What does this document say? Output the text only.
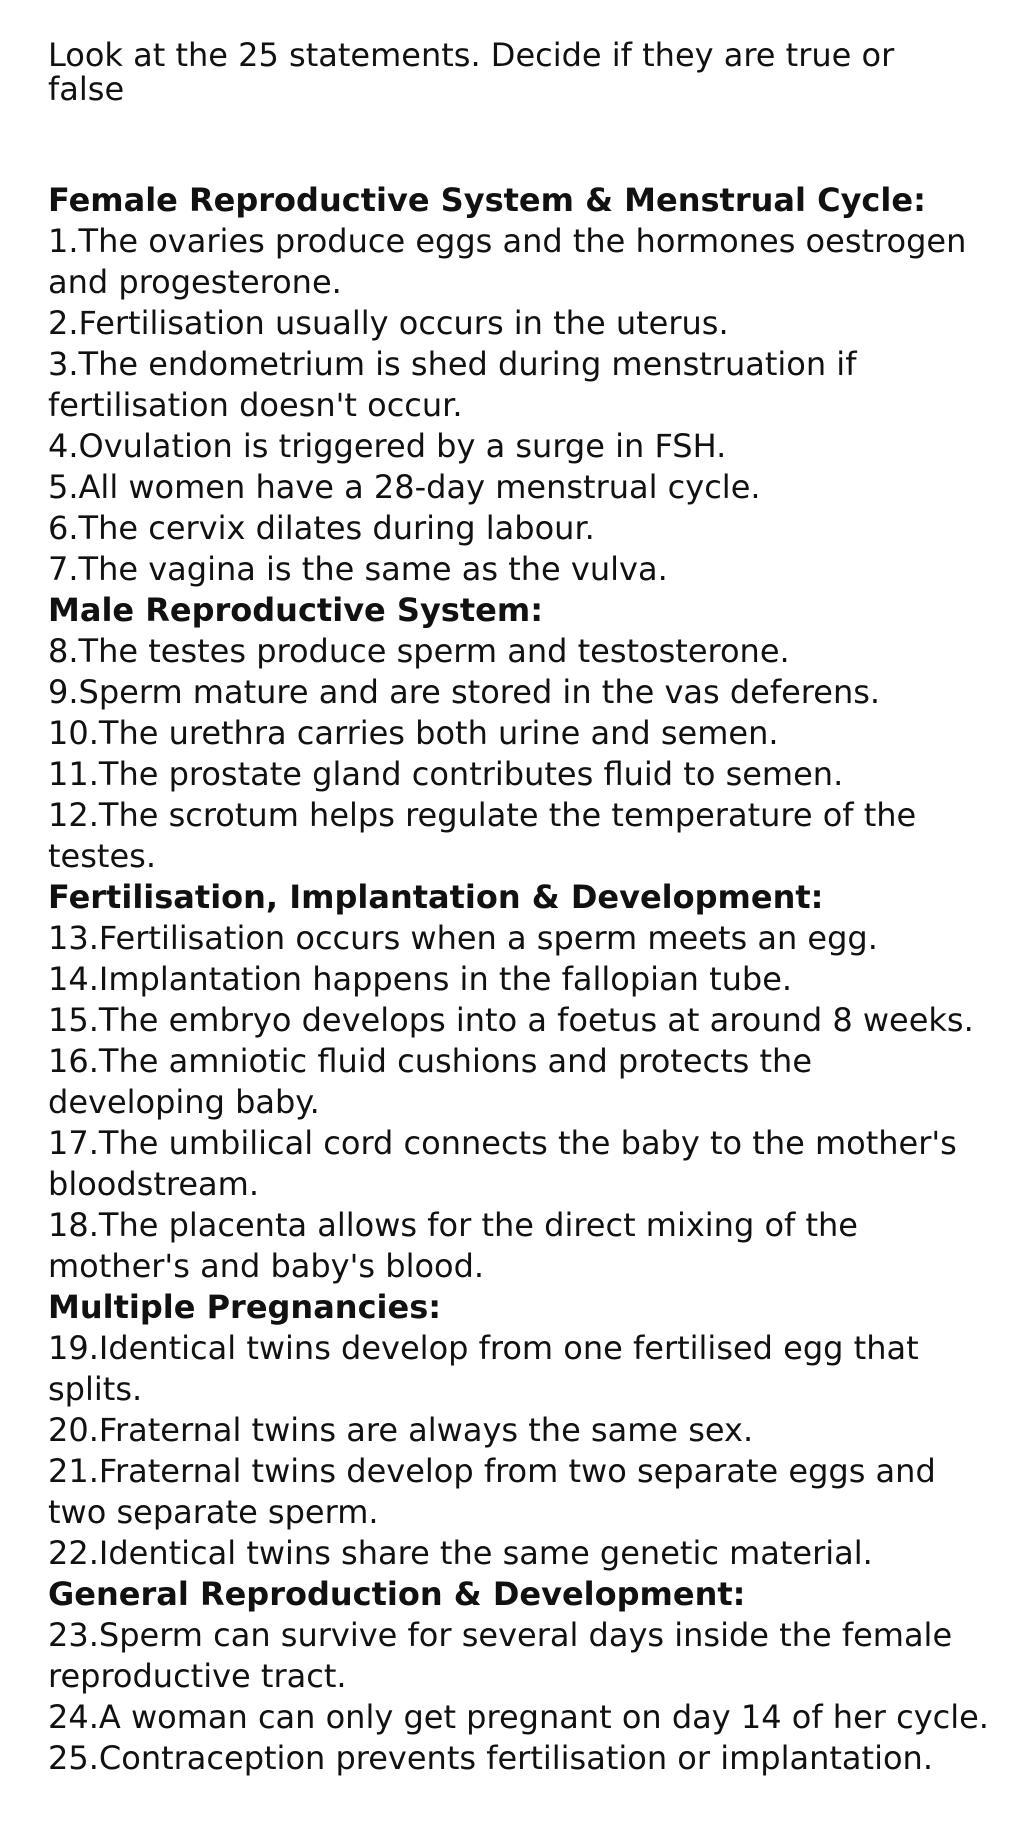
Look at the 25 statements. Decide if they are true or false

Female Reproductive System & Menstrual Cycle:

1.The ovaries produce eggs and the hormones oestrogen and progesterone.

2.Fertilisation usually occurs in the uterus.

3.The endometrium is shed during menstruation if fertilisation doesn't occur.

4.Ovulation is triggered by a surge in FSH.

5.All women have a 28-day menstrual cycle.

6.The cervix dilates during labour.

7.The vagina is the same as the vulva.

Male Reproductive System:

8.The testes produce sperm and testosterone.

9.Sperm mature and are stored in the vas deferens.

10.The urethra carries both urine and semen.

11.The prostate gland contributes fluid to semen.

12.The scrotum helps regulate the temperature of the testes.

Fertilisation, Implantation & Development:

13.Fertilisation occurs when a sperm meets an egg.

14.Implantation happens in the fallopian tube.

15.The embryo develops into a foetus at around 8 weeks.

16.The amniotic fluid cushions and protects the developing baby.

17.The umbilical cord connects the baby to the mother's bloodstream.

18.The placenta allows for the direct mixing of the mother's and baby's blood.

Multiple Pregnancies:

19.Identical twins develop from one fertilised egg that splits.

20.Fraternal twins are always the same sex.

21.Fraternal twins develop from two separate eggs and two separate sperm.

22.Identical twins share the same genetic material.

General Reproduction & Development:

23.Sperm can survive for several days inside the female reproductive tract.

24.A woman can only get pregnant on day 14 of her cycle.

25.Contraception prevents fertilisation or implantation.
